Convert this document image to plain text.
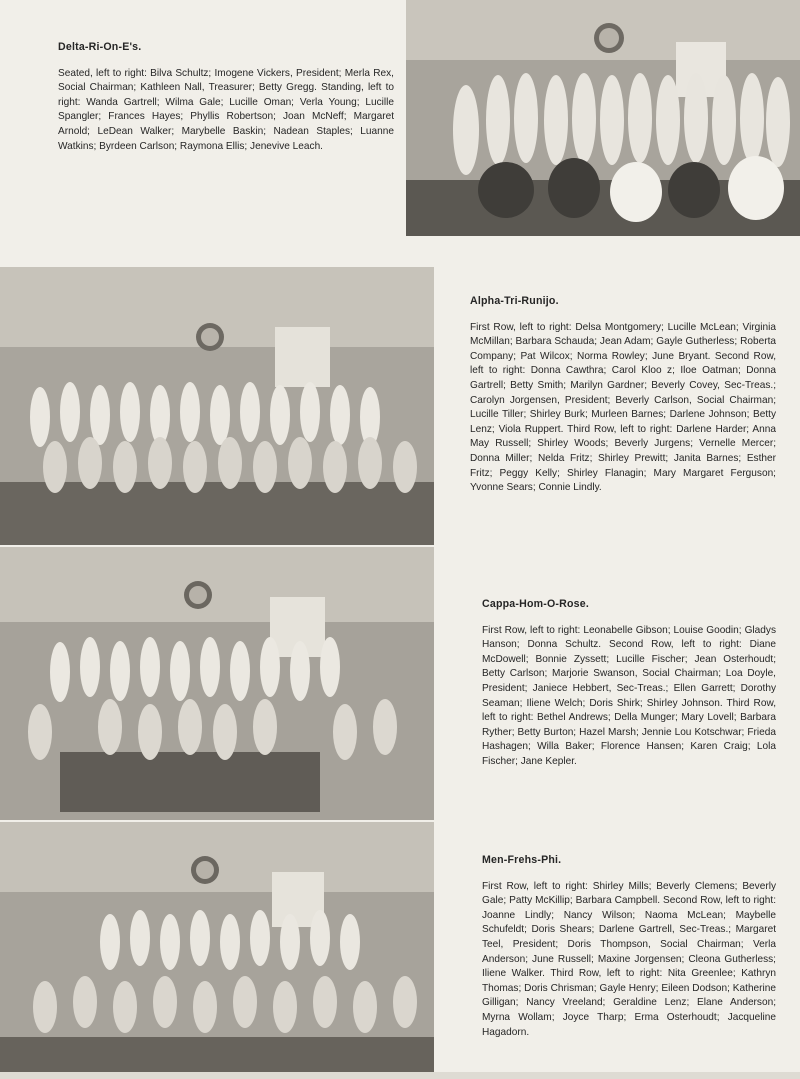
Delta-Ri-On-E's.

Seated, left to right: Bilva Schultz; Imogene Vickers, President; Merla Rex, Social Chairman; Kathleen Nall, Treasurer; Betty Gregg. Standing, left to right: Wanda Gartrell; Wilma Gale; Lucille Oman; Verla Young; Lucille Spangler; Frances Hayes; Phyllis Robertson; Joan McNeff; Margaret Arnold; LeDean Walker; Marybelle Baskin; Nadean Staples; Luanne Watkins; Byrdeen Carlson; Raymona Ellis; Jenevive Leach.

Alpha-Tri-Runijo.

First Row, left to right: Delsa Montgomery; Lucille McLean; Virginia McMillan; Barbara Schauda; Jean Adam; Gayle Gutherless; Roberta Company; Pat Wilcox; Norma Rowley; June Bryant. Second Row, left to right: Donna Cawthra; Carol Kloo z; Iloe Oatman; Donna Gartrell; Betty Smith; Marilyn Gardner; Beverly Covey, Sec-Treas.; Carolyn Jorgensen, President; Beverly Carlson, Social Chairman; Lucille Tiller; Shirley Burk; Murleen Barnes; Darlene Johnson; Betty Lenz; Viola Ruppert. Third Row, left to right: Darlene Harder; Anna May Russell; Shirley Woods; Beverly Jurgens; Vernelle Mercer; Donna Miller; Nelda Fritz; Shirley Prewitt; Janita Barnes; Esther Fritz; Peggy Kelly; Shirley Flanagin; Mary Margaret Ferguson; Yvonne Sears; Connie Lindly.

Cappa-Hom-O-Rose.

First Row, left to right: Leonabelle Gibson; Louise Goodin; Gladys Hanson; Donna Schultz. Second Row, left to right: Diane McDowell; Bonnie Zyssett; Lucille Fischer; Jean Osterhoudt; Betty Carlson; Marjorie Swanson, Social Chairman; Loa Doyle, President; Janiece Hebbert, Sec-Treas.; Ellen Garrett; Dorothy Seaman; Iliene Welch; Doris Shirk; Shirley Johnson. Third Row, left to right: Bethel Andrews; Della Munger; Mary Lovell; Barbara Ryther; Betty Burton; Hazel Marsh; Jennie Lou Kotschwar; Frieda Hashagen; Willa Baker; Florence Hansen; Karen Craig; Lola Fischer; Jane Kepler.

Men-Frehs-Phi.

First Row, left to right: Shirley Mills; Beverly Clemens; Beverly Gale; Patty McKillip; Barbara Campbell. Second Row, left to right: Joanne Lindly; Nancy Wilson; Naoma McLean; Maybelle Schufeldt; Doris Shears; Darlene Gartrell, Sec-Treas.; Margaret Teel, President; Doris Thompson, Social Chairman; Verla Anderson; June Russell; Maxine Jorgensen; Cleona Gutherless; Iliene Walker. Third Row, left to right: Nita Greenlee; Kathryn Thomas; Doris Chrisman; Gayle Henry; Eileen Dodson; Katherine Gilligan; Nancy Vreeland; Geraldine Lenz; Elane Anderson; Myrna Wollam; Joyce Tharp; Erma Osterhoudt; Jacqueline Hagadorn.
